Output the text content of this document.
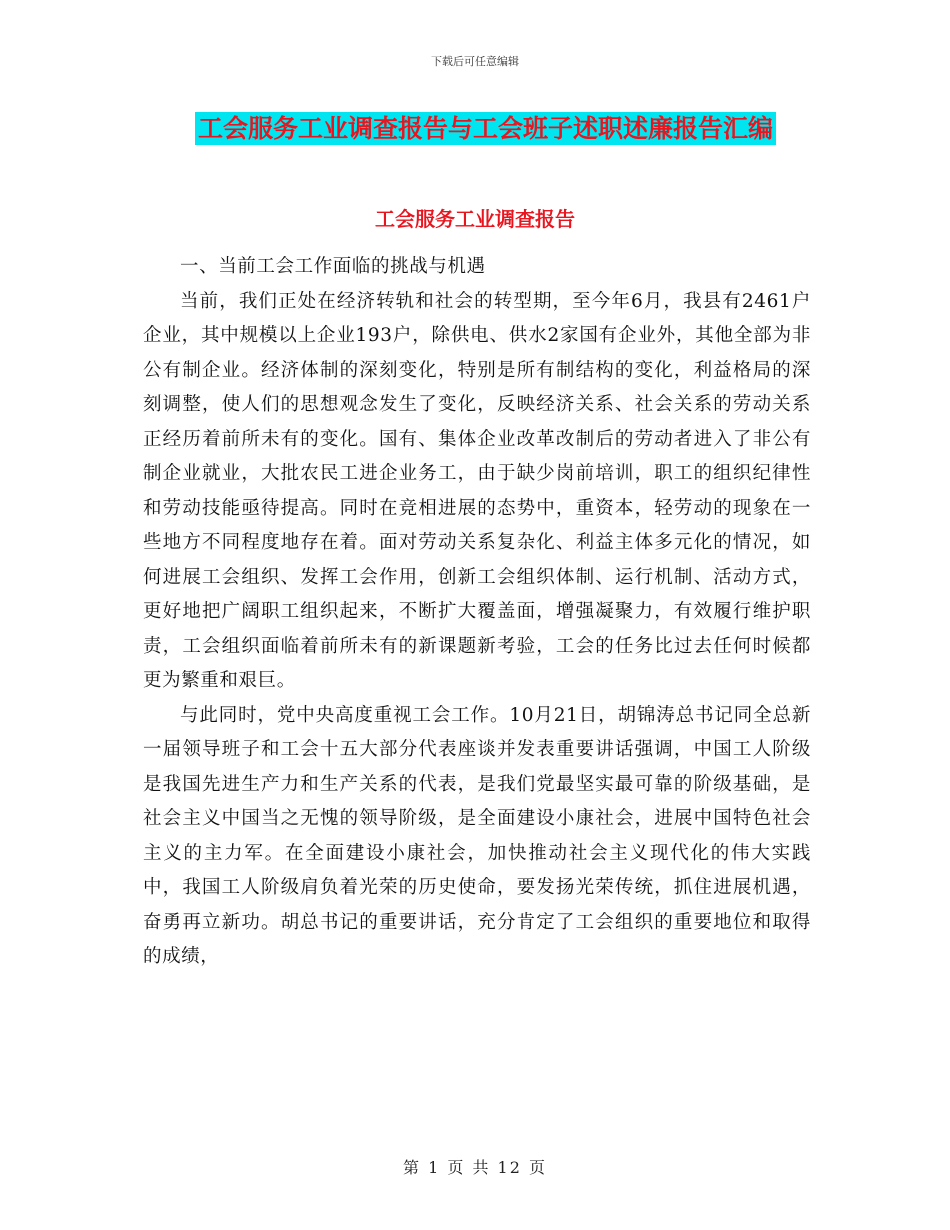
下载后可任意编辑
工会服务工业调查报告与工会班子述职述廉报告汇编
工会服务工业调查报告

一、当前工会工作面临的挑战与机遇

当前，我们正处在经济转轨和社会的转型期，至今年6月，我县有2461户企业，其中规模以上企业193户，除供电、供水2家国有企业外，其他全部为非公有制企业。经济体制的深刻变化，特别是所有制结构的变化，利益格局的深刻调整，使人们的思想观念发生了变化，反映经济关系、社会关系的劳动关系正经历着前所未有的变化。国有、集体企业改革改制后的劳动者进入了非公有制企业就业，大批农民工进企业务工，由于缺少岗前培训，职工的组织纪律性和劳动技能亟待提高。同时在竞相进展的态势中，重资本，轻劳动的现象在一些地方不同程度地存在着。面对劳动关系复杂化、利益主体多元化的情况，如何进展工会组织、发挥工会作用，创新工会组织体制、运行机制、活动方式，更好地把广阔职工组织起来，不断扩大覆盖面，增强凝聚力，有效履行维护职责，工会组织面临着前所未有的新课题新考验，工会的任务比过去任何时候都更为繁重和艰巨。

与此同时，党中央高度重视工会工作。10月21日，胡锦涛总书记同全总新一届领导班子和工会十五大部分代表座谈并发表重要讲话强调，中国工人阶级是我国先进生产力和生产关系的代表，是我们党最坚实最可靠的阶级基础，是社会主义中国当之无愧的领导阶级，是全面建设小康社会，进展中国特色社会主义的主力军。在全面建设小康社会，加快推动社会主义现代化的伟大实践中，我国工人阶级肩负着光荣的历史使命，要发扬光荣传统，抓住进展机遇，奋勇再立新功。胡总书记的重要讲话，充分肯定了工会组织的重要地位和取得的成绩，

第 1 页 共 12 页
